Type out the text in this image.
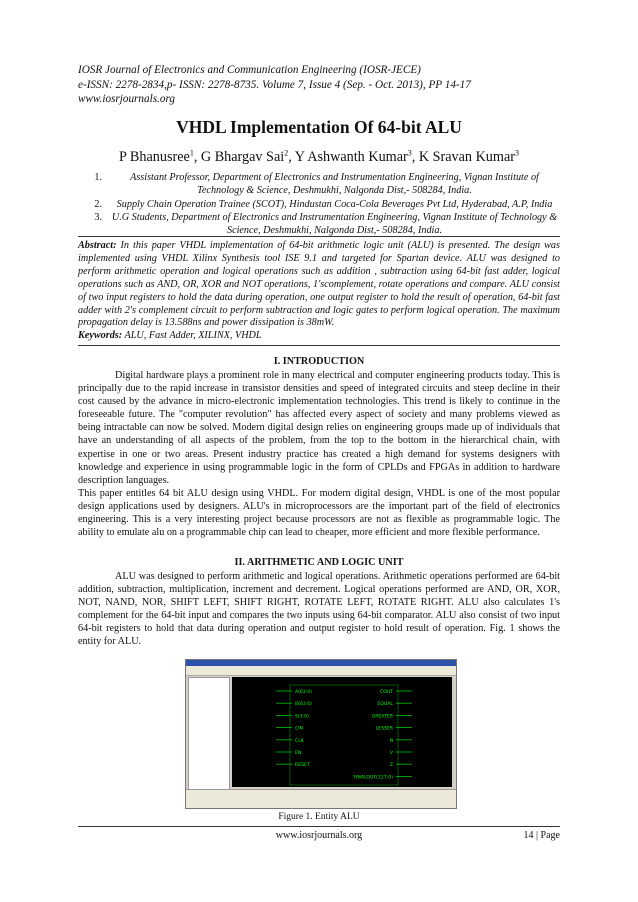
IOSR Journal of Electronics and Communication Engineering (IOSR-JECE)
e-ISSN: 2278-2834,p- ISSN: 2278-8735. Volume 7, Issue 4 (Sep. - Oct. 2013), PP 14-17
www.iosrjournals.org
VHDL Implementation Of 64-bit ALU
P Bhanusree$^1$, G Bhargav Sai$^2$, Y Ashwanth Kumar$^3$, K Sravan Kumar$^3$
1.	Assistant Professor, Department of Electronics and Instrumentation Engineering, Vignan Institute of Technology & Science, Deshmukhi, Nalgonda Dist,- 508284, India.
2.	Supply Chain Operation Trainee (SCOT), Hindustan Coca-Cola Beverages Pvt Ltd, Hyderabad, A.P, India
3. U.G Students, Department of Electronics and Instrumentation Engineering, Vignan Institute of Technology & Science, Deshmukhi, Nalgonda Dist,- 508284, India.
Abstract: In this paper VHDL implementation of 64-bit arithmetic logic unit (ALU) is presented. The design was implemented using VHDL Xilinx Synthesis tool ISE 9.1 and targeted for Spartan device. ALU was designed to perform arithmetic operation and logical operations such as addition , subtraction using 64-bit fast adder, logical operations such as AND, OR, XOR and NOT operations, 1'scomplement, rotate operations and compare. ALU consist of two input registers to hold the data during operation, one output register to hold the result of operation, 64-bit fast adder with 2's complement circuit to perform subtraction and logic gates to perform logical operation. The maximum propagation delay is 13.588ns and power dissipation is 38mW.
Keywords: ALU, Fast Adder, XILINX, VHDL
I. INTRODUCTION

Digital hardware plays a prominent role in many electrical and computer engineering products today. This is principally due to the rapid increase in transistor densities and speed of integrated circuits and steep decline in their cost caused by the advance in micro-electronic implementation technologies. This trend is likely to continue in the foreseeable future. The "computer revolution" has affected every aspect of society and many problems viewed as being intractable can now be solved. Modern digital design relies on engineering groups made up of individuals that have an understanding of all aspects of the problem, from the top to the bottom in the hierarchical chain, with expertise in one or two areas. Present industry practice has created a high demand for systems designers with knowledge and experience in using programmable logic in the form of CPLDs and FPGAs in addition to hardware description languages.

This paper entitles 64 bit ALU design using VHDL. For modern digital design, VHDL is one of the most popular design applications used by designers. ALU's in microprocessors are the important part of the field of electronics engineering. This is a very interesting project because processors are not as flexible as programmable logic. The ability to emulate alu on a programmable chip can lead to cheaper, more efficient and more flexible performance.

II. ARITHMETIC AND LOGIC UNIT

ALU was designed to perform arithmetic and logical operations. Arithmetic operations performed are 64-bit addition, subtraction, multiplication, increment and decrement. Logical operations performed are AND, OR, XOR, NOT, NAND, NOR, SHIFT LEFT, SHIFT RIGHT, ROTATE LEFT, ROTATE RIGHT. ALU also calculates 1's complement for the 64-bit input and compares the two inputs using 64-bit comparator. ALU also consist of two input 64-bit registers to hold that data during operation and output register to hold result of operation. Fig. 1 shows the entity for ALU.

A(63:0)
B(63:0)
S(3:0)
CIN
CLK
EN
RESET
COUT
EQUAL
GREATER
LESSER
N
V
Z
FINALOUT(127:0)
Figure 1. Entity ALU
www.iosrjournals.org	14 | Page
